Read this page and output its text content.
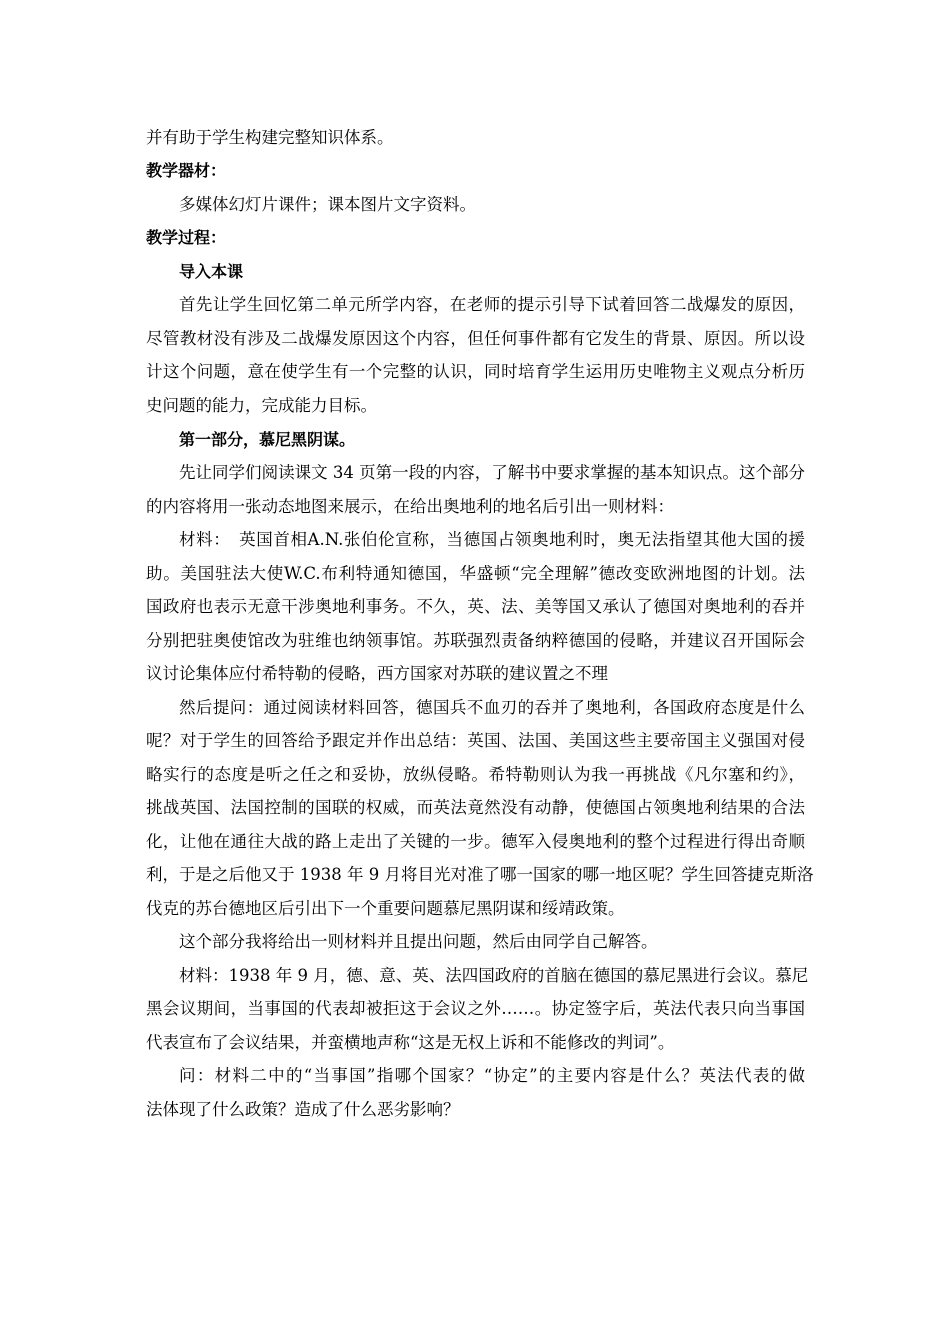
并有助于学生构建完整知识体系。
教学器材：
多媒体幻灯片课件；课本图片文字资料。
教学过程：
导入本课
首先让学生回忆第二单元所学内容，在老师的提示引导下试着回答二战爆发的原因，
尽管教材没有涉及二战爆发原因这个内容，但任何事件都有它发生的背景、原因。所以设
计这个问题，意在使学生有一个完整的认识，同时培育学生运用历史唯物主义观点分析历
史问题的能力，完成能力目标。
第一部分，慕尼黑阴谋。
先让同学们阅读课文 34 页第一段的内容，了解书中要求掌握的基本知识点。这个部分
的内容将用一张动态地图来展示，在给出奥地利的地名后引出一则材料：
材料：　英国首相A.N.张伯伦宣称，当德国占领奥地利时，奥无法指望其他大国的援
助。美国驻法大使W.C.布利特通知德国，华盛顿“完全理解”德改变欧洲地图的计划。法
国政府也表示无意干涉奥地利事务。不久，英、法、美等国又承认了德国对奥地利的吞并
分别把驻奥使馆改为驻维也纳领事馆。苏联强烈责备纳粹德国的侵略，并建议召开国际会
议讨论集体应付希特勒的侵略，西方国家对苏联的建议置之不理
然后提问：通过阅读材料回答，德国兵不血刃的吞并了奥地利，各国政府态度是什么
呢？对于学生的回答给予跟定并作出总结：英国、法国、美国这些主要帝国主义强国对侵
略实行的态度是听之任之和妥协，放纵侵略。希特勒则认为我一再挑战《凡尔塞和约》，
挑战英国、法国控制的国联的权威，而英法竟然没有动静，使德国占领奥地利结果的合法
化，让他在通往大战的路上走出了关键的一步。德军入侵奥地利的整个过程进行得出奇顺
利，于是之后他又于 1938 年 9 月将目光对准了哪一国家的哪一地区呢？学生回答捷克斯洛
伐克的苏台德地区后引出下一个重要问题慕尼黑阴谋和绥靖政策。
这个部分我将给出一则材料并且提出问题，然后由同学自己解答。
材料：1938 年 9 月，德、意、英、法四国政府的首脑在德国的慕尼黑进行会议。慕尼
黑会议期间，当事国的代表却被拒这于会议之外……。协定签字后，英法代表只向当事国
代表宣布了会议结果，并蛮横地声称“这是无权上诉和不能修改的判词”。
问：材料二中的“当事国”指哪个国家？“协定”的主要内容是什么？英法代表的做
法体现了什么政策？造成了什么恶劣影响？
